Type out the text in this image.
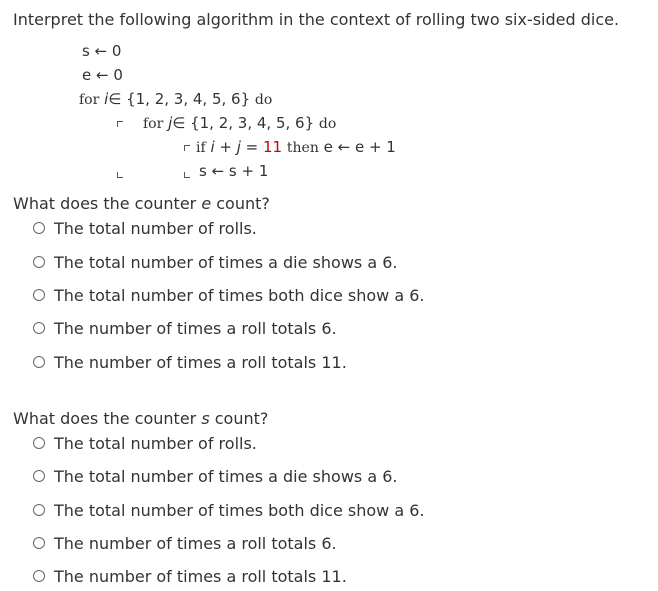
Interpret the following algorithm in the context of rolling two six-sided dice.
s ← 0
e ← 0
for i∈ {1, 2, 3, 4, 5, 6} do
for j∈ {1, 2, 3, 4, 5, 6} do
if i + j = 11 then e ← e + 1
s ← s + 1
What does the counter e count?
The total number of rolls.
The total number of times a die shows a 6.
The total number of times both dice show a 6.
The number of times a roll totals 6.
The number of times a roll totals 11.
What does the counter s count?
The total number of rolls.
The total number of times a die shows a 6.
The total number of times both dice show a 6.
The number of times a roll totals 6.
The number of times a roll totals 11.
